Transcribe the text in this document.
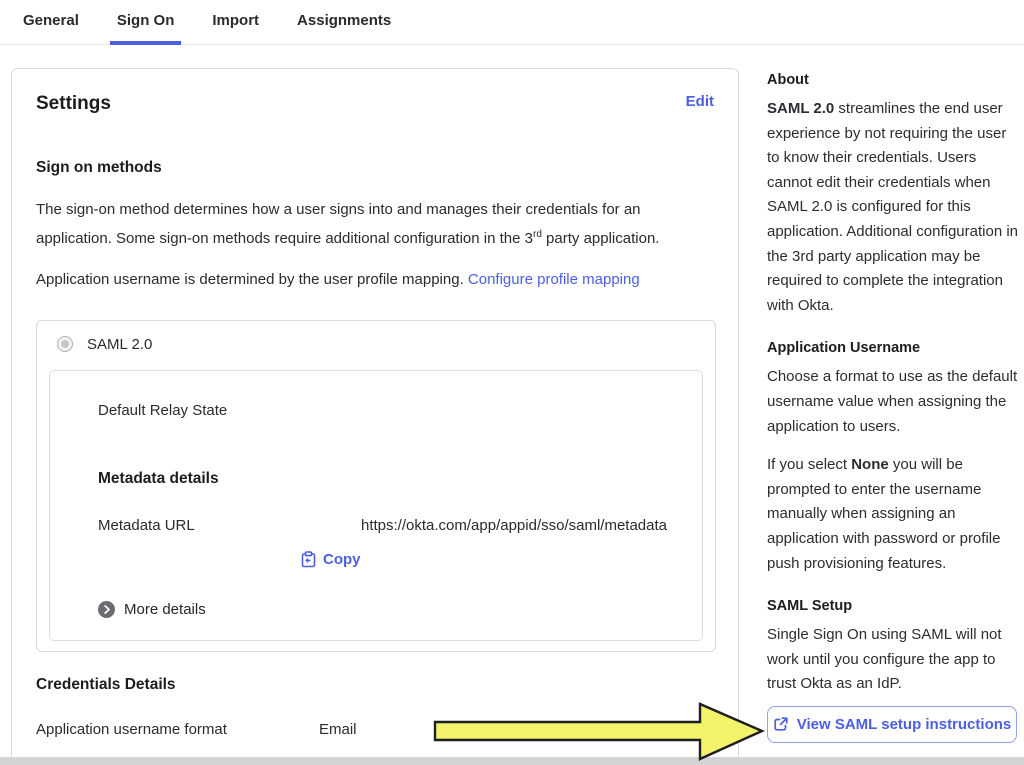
General	Sign On	Import	Assignments
Settings	Edit
Sign on methods
The sign-on method determines how a user signs into and manages their credentials for an application. Some sign-on methods require additional configuration in the 3rd party application.
Application username is determined by the user profile mapping. Configure profile mapping
SAML 2.0
Default Relay State
Metadata details
Metadata URL	https://okta.com/app/appid/sso/saml/metadata
Copy
More details
Credentials Details
Application username format	Email
About
SAML 2.0 streamlines the end user experience by not requiring the user to know their credentials. Users cannot edit their credentials when SAML 2.0 is configured for this application. Additional configuration in the 3rd party application may be required to complete the integration with Okta.
Application Username
Choose a format to use as the default username value when assigning the application to users.
If you select None you will be prompted to enter the username manually when assigning an application with password or profile push provisioning features.
SAML Setup
Single Sign On using SAML will not work until you configure the app to trust Okta as an IdP.
View SAML setup instructions
